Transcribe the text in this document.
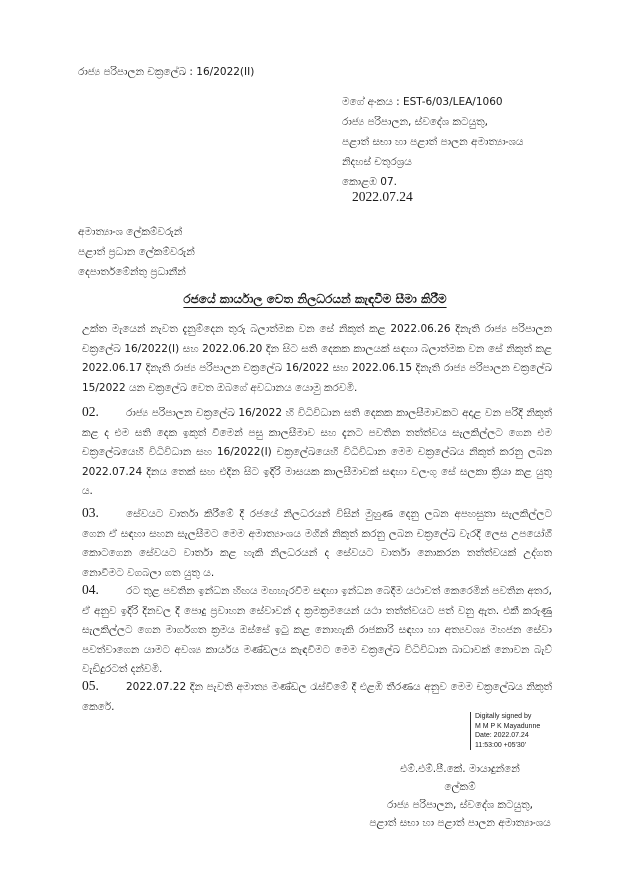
රාජ්‍ය පරිපාලන චක්‍රලේඛ : 16/2022(II)
මගේ අංකය : EST-6/03/LEA/1060
රාජ්‍ය පරිපාලන, ස්වදේශ කටයුතු,
පළාත් සභා හා පළාත් පාලන අමාත්‍යාංශය
නිදහස් චතුරශ්‍රය
කොළඹ 07.
2022.07.24
අමාත්‍යාංශ ලේකම්වරුන්
පළාත් ප්‍රධාන ලේකම්වරුන්
දෙපාර්තමේන්තු ප්‍රධානීන්
රජයේ කාර්යාල වෙත නිලධරයන් කැඳවීම සීමා කිරීම

උක්ත මැයෙන් නැවත දැනුම්දෙන තුරු බලාත්මක වන සේ නිකුත් කළ 2022.06.26 දිනැති රාජ්‍ය පරිපාලන චක්‍රලේඛ 16/2022(I) සහ 2022.06.20 දින සිට සති දෙකක කාලයක් සඳහා බලාත්මක වන සේ නිකුත් කළ 2022.06.17 දිනැති රාජ්‍ය පරිපාලන චක්‍රලේඛ 16/2022 සහ 2022.06.15 දිනැති රාජ්‍ය පරිපාලන චක්‍රලේඛ 15/2022 යන චක්‍රලේඛ වෙත ඔබගේ අවධානය යොමු කරවමි.

02.	රාජ්‍ය පරිපාලන චක්‍රලේඛ 16/2022 හි විධිවිධාන සති දෙකක කාලසීමාවකට අදාළ වන පරිදි නිකුත් කළ ද එම සති දෙක ඉකුත් වීමෙන් පසු කාලසීමාව සහ දැනට පවතින තත්ත්වය සැලකිල්ලට ගෙන එම චක්‍රලේඛයෙහි විධිවිධාන සහ 16/2022(I) චක්‍රලේඛයෙහි විධිවිධාන මෙම චක්‍රලේඛය නිකුත් කරනු ලබන 2022.07.24 දිනය තෙක් සහ එදින සිට ඉදිරි මාසයක කාලසීමාවක් සඳහා වලංගු සේ සලකා ක්‍රියා කළ යුතු ය.

03.	සේවයට වාර්තා කිරීමේ දී රජයේ නිලධරයන් විසින් මුහුණ දෙනු ලබන අපහසුතා සැලකිල්ලට ගෙන ඒ සඳහා සහන සැලසීමට මෙම අමාත්‍යාංශය මගින් නිකුත් කරනු ලබන චක්‍රලේඛ වැරදි ලෙස උපයෝගී කොටගෙන සේවයට වාර්තා කළ හැකි නිලධරයන් ද සේවයට වාර්තා නොකරන තත්ත්වයක් උද්ගත නොවීමට වගබලා ගත යුතු ය.

04.	රට තුළ පවතින ඉන්ධන හිඟය මඟහැරවීම සඳහා ඉන්ධන බෙදීම යථාවත් කෙරෙමින් පවතින අතර, ඒ අනුව ඉදිරි දිනවල දී පොදු ප්‍රවාහන සේවාවන් ද ක්‍රමක්‍රමයෙන් යථා තත්ත්වයට පත් වනු ඇත. එකී කරුණු සැලකිල්ලට ගෙන මාර්ගගත ක්‍රමය ඔස්සේ ඉටු කළ නොහැකි රාජකාරි සඳහා හා අත්‍යවශ්‍ය මහජන සේවා පවත්වාගෙන යාමට අවශ්‍ය කාර්යය මණ්ඩලය කැඳවීමට මෙම චක්‍රලේඛ විධිවිධාන බාධාවක් නොවන බැව් වැඩිදුරටත් දන්වමි.

05.	2022.07.22 දින පැවති අමාත්‍ය මණ්ඩල රැස්වීමේ දී එළඹි තීරණය අනුව මෙම චක්‍රලේඛය නිකුත් කෙරේ.

Digitally signed by
M M P K Mayadunne
Date: 2022.07.24
11:53:00 +05'30'
එම්.එම්.පී.කේ. මායාදුන්නේ
ලේකම්
රාජ්‍ය පරිපාලන, ස්වදේශ කටයුතු,
පළාත් සභා හා පළාත් පාලන අමාත්‍යාංශය
